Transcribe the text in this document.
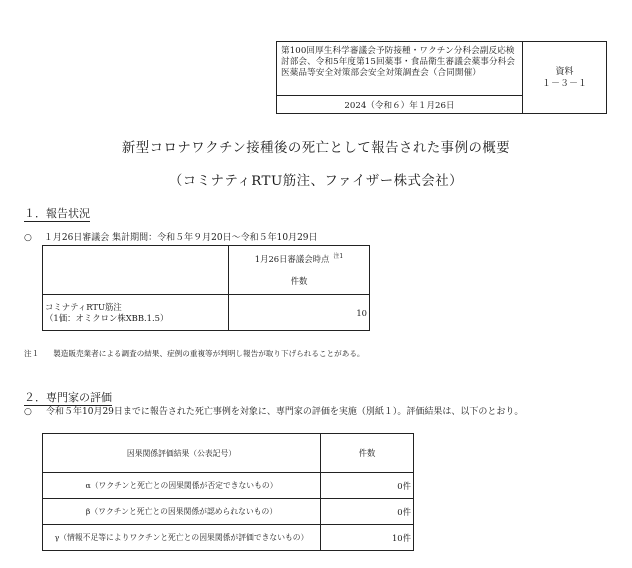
第100回厚生科学審議会予防接種・ワクチン分科会副反応検討部会、令和5年度第15回薬事・食品衛生審議会薬事分科会医薬品等安全対策部会安全対策調査会（合同開催）
2024（令和６）年１月26日
資料
１－３－１
新型コロナワクチン接種後の死亡として報告された事例の概要
（コミナティRTU筋注、ファイザー株式会社）
１．報告状況
○ １月26日審議会 集計期間：令和５年９月20日～令和５年10月29日

	1月26日審議会時点 $^{注1}$
件数

コミナティRTU筋注
（1価：オミクロン株XBB.1.5）	10
注１ 製造販売業者による調査の結果、症例の重複等が判明し報告が取り下げられることがある。
２．専門家の評価
○	令和５年10月29日までに報告された死亡事例を対象に、専門家の評価を実施（別紙１）。評価結果は、以下のとおり。
因果関係評価結果（公表記号）	件数
α（ワクチンと死亡との因果関係が否定できないもの）	0件
β（ワクチンと死亡との因果関係が認められないもの）	0件
γ（情報不足等によりワクチンと死亡との因果関係が評価できないもの）	10件
